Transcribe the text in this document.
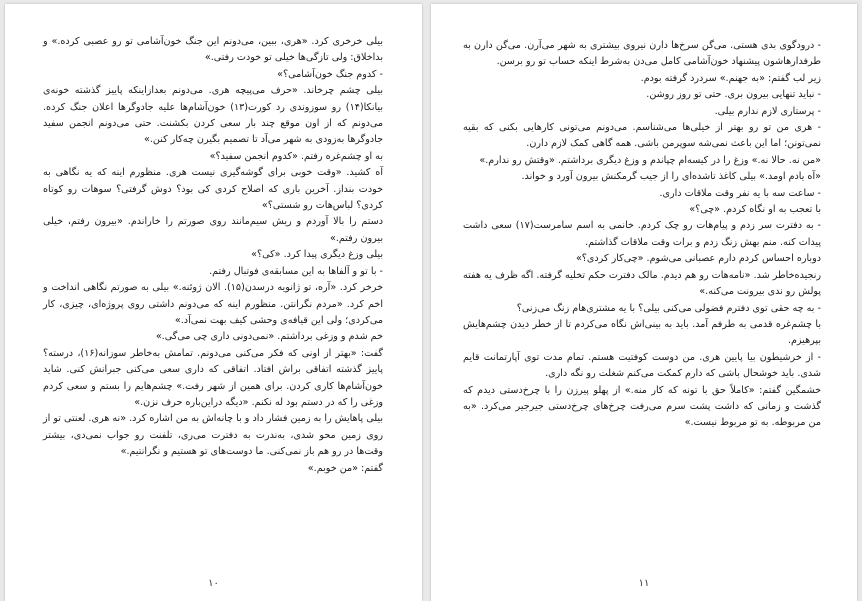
بیلی خرخری کرد. «هری، ببین، می‌دونم این جنگ خون‌آشامی تو رو عصبی کرده.» و بداخلاق: ولی تازگی‌ها خیلی تو خودت رفتی.»

- کدوم جنگ خون‌آشامی؟»

بیلی چشم چرخاند. «حرف می‌پیچه هری. می‌دونم بعدازاینکه پاییز گذشته خونه‌ی بیانکا(۱۴) رو سوزوندی رد کورت(۱۳) خون‌آشام‌ها علیه جادوگرها اعلان جنگ کرده. می‌دونم که از اون موقع چند بار سعی کردن بکشنت. حتی می‌دونم انجمن سفید جادوگرها به‌زودی به شهر می‌آد تا تصمیم بگیرن چه‌کار کنن.»

به او چشم‌غره رفتم. «کدوم انجمن سفید؟»

آه کشید. «وقت خوبی برای گوشه‌گیری نیست هری. منظورم اینه که یه نگاهی به خودت بنداز. آخرین باری که اصلاح کردی کی بود؟ دوش گرفتی؟ سوهات رو کوتاه کردی؟ لباس‌هات رو شستی؟»

دستم را بالا آوردم و ریش سیم‌مانند روی صورتم را خاراندم. «بیرون رفتم، خیلی بیرون رفتم.»

بیلی وزغ دیگری پیدا کرد. «کی؟»

- با تو و آلفاها به این مسابقه‌ی فوتبال رفتم.

خرخر کرد. «آره، تو ژانویه درسدن(۱۵). الان ژوئنه.» بیلی به صورتم نگاهی انداخت و اخم کرد. «مردم نگرانتن. منظورم اینه که می‌دونم داشتی روی پروژه‌ای، چیزی، کار می‌کردی؛ ولی این قیافه‌ی وحشی کیف بهت نمی‌آد.»

خم شدم و وزغی برداشتم. «نمی‌دونی داری چی می‌گی.»

گفت: «بهتر از اونی که فکر می‌کنی می‌دونم. تمامش به‌خاطر سوزانه(۱۶)، درسته؟ پاییز گذشته اتفاقی براش افتاد. اتفاقی که داری سعی می‌کنی جبرانش کنی. شاید خون‌آشام‌ها کاری کردن. برای همین از شهر رفت.» چشم‌هایم را بستم و سعی کردم وزغی را که در دستم بود له نکنم. «دیگه دراین‌باره حرف نزن.»

بیلی پاهایش را به زمین فشار داد و با چانه‌اش به من اشاره کرد. «نه هری. لعنتی تو از روی زمین محو شدی، به‌ندرت به دفترت می‌ری، تلفنت رو جواب نمی‌دی، بیشتر وقت‌ها در رو هم باز نمی‌کنی. ما دوست‌های تو هستیم و نگرانتیم.»

گفتم: «من خوبم.»

۱۰

- درودگوی بدی هستی. می‌گن سرخ‌ها دارن نیروی بیشتری به شهر می‌آرن. می‌گن دارن به طرفدارهاشون پیشنهاد خون‌آشامی کامل می‌دن به‌شرط اینکه حساب تو رو برسن.

زیر لب گفتم: «به جهنم.» سردرد گرفته بودم.

- نباید تنهایی بیرون بری. حتی تو روز روشن.

- پرستاری لازم ندارم بیلی.

- هری من تو رو بهتر از خیلی‌ها می‌شناسم. می‌دونم می‌تونی کارهایی بکنی که بقیه نمی‌تونن؛ اما این باعث نمی‌شه سوپرمن باشی. همه گاهی کمک لازم دارن.

«من نه. حالا نه.» وزغ را در کیسه‌ام چپاندم و وزغ دیگری برداشتم. «وقتش رو ندارم.»

«آه یادم اومد.» بیلی کاغذ تاشده‌ای را از جیب گرمکنش بیرون آورد و خواند.

- ساعت سه با یه نفر وقت ملاقات داری.

با تعجب به او نگاه کردم. «چی؟»

- به دفترت سر زدم و پیام‌هات رو چک کردم. خانمی به اسم سامرست(۱۷) سعی داشت پیدات کنه. منم بهش زنگ زدم و برات وقت ملاقات گذاشتم.

دوباره احساس کردم دارم عصبانی می‌شوم. «چی‌کار کردی؟»

رنجیده‌خاطر شد. «نامه‌هات رو هم دیدم. مالک دفترت حکم تخلیه گرفته. اگه ظرف یه هفته پولش رو ندی بیرونت می‌کنه.»

- به چه حقی توی دفترم فضولی می‌کنی بیلی؟ با یه مشتری‌هام زنگ می‌زنی؟

با چشم‌غره قدمی به طرفم آمد. باید به بینی‌اش نگاه می‌کردم تا از خطر دیدن چشم‌هایش بپرهیزم.

- از خرشیطون بیا پایین هری. من دوست کوفتیت هستم. تمام مدت توی آپارتمانت قایم شدی. باید خوشحال باشی که دارم کمکت می‌کنم شغلت رو نگه داری.

خشمگین گفتم: «کاملاً حق با تونه که کار منه.» از پهلو پیرزن را با چرخ‌دستی دیدم که گذشت و زمانی که داشت پشت سرم می‌رفت چرخ‌های چرخ‌دستی جیرجیر می‌کرد. «به من مربوطه. به تو مربوط نیست.»

۱۱
